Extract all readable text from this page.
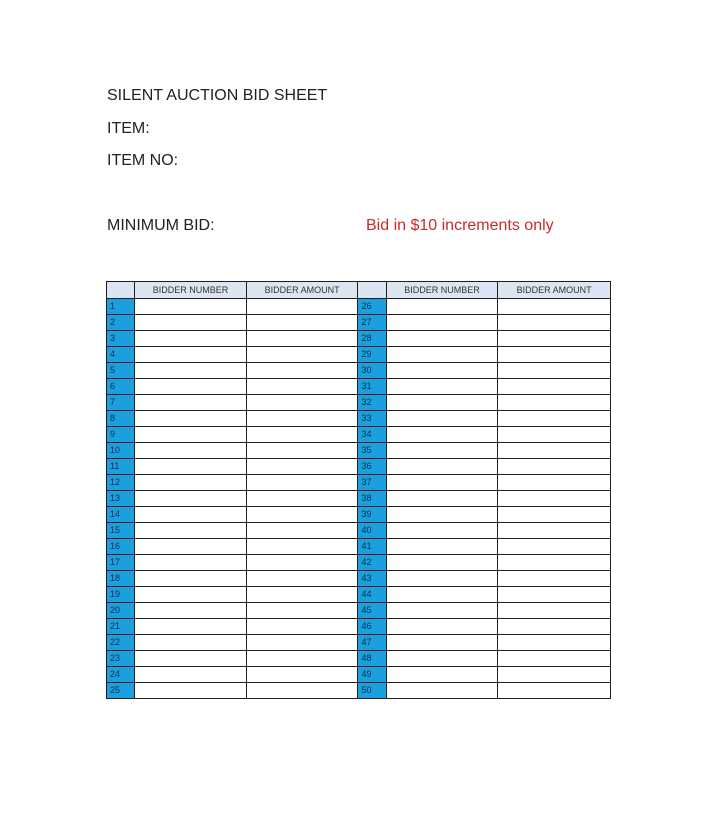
SILENT AUCTION BID SHEET
ITEM:
ITEM NO:
MINIMUM BID:	Bid in $10 increments only
	BIDDER NUMBER	BIDDER AMOUNT		BIDDER NUMBER	BIDDER AMOUNT
1			26		
2			27		
3			28		
4			29		
5			30		
6			31		
7			32		
8			33		
9			34		
10			35		
11			36		
12			37		
13			38		
14			39		
15			40		
16			41		
17			42		
18			43		
19			44		
20			45		
21			46		
22			47		
23			48		
24			49		
25			50		
